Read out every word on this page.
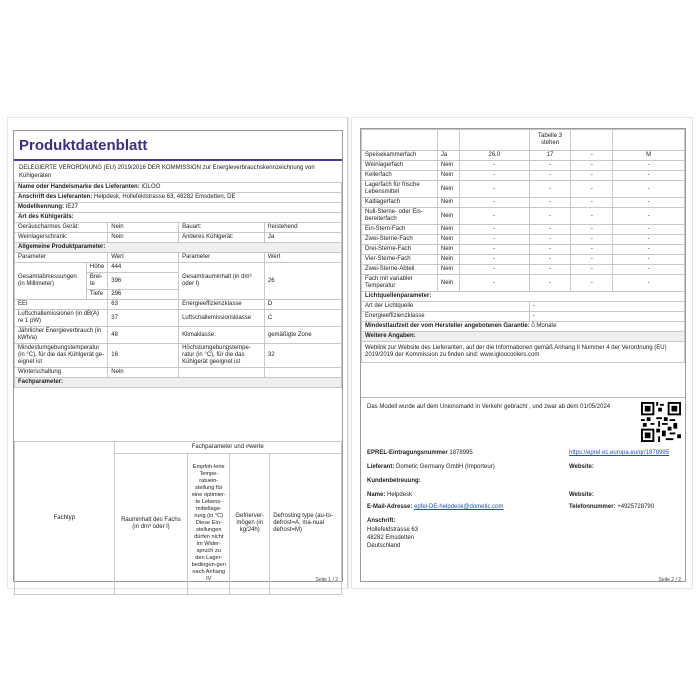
Produktdatenblatt
DELEGIERTE VERORDNUNG (EU) 2019/2016 DER KOMMISSION zur Energieverbrauchskennzeichnung von Kühlgeräten
Name oder Handelsmarke des Lieferanten: IGLOO				
Anschrift des Lieferanten: Helpdesk, Hollefeldstrasse 63, 48282 Emsdetten, DE				
Modellkennung: IE27				
Art des Kühlgeräts:				
Geräuscharmes Gerät:		Nein	Bauart:	freistehend
Weinlagerschrank:		Nein	Anderes Kühlgerät:	Ja
Allgemeine Produktparameter:				
Parameter		Wert	Parameter	Wert
Gesamtabmessungen (in Millimeter)	Höhe	444	Gesamtrauminhalt (in dm³ oder l)	26
	Brei-te	396		
	Tiefe	296		
EEI		63	Energieeffizienzklasse	D
Luftschallemissionen (in dB(A) re 1 pW)		37	Luftschallemissionsklasse	C
Jährlicher Energieverbrauch (in kWh/a)		48	Klimaklasse:	gemäßigte Zone
Mindestumgebungstemperatur (in °C), für die das Kühlgerät ge-eignet ist		16	Höchstumgebungstempe-ratur (in °C), für die das Kühlgerät geeignet ist	32
Winterschaltung		Nein		
Fachparameter:				
Fachtyp	Fachparameter und #werte			
	Rauminhalt des Fachs (in dm³ oder l)	Empfoh-lene Tempe-ratuein-stellung für eine optimier-te Lebens-mittellage-rung (in °C) Diese Ein-stellungen dürfen nicht im Wider-spruch zu den Lager-bedingun-gen nach Anhang IV	Gefrierver-mögen (in kg/24h)	Defrosting type (au-to-defrost=A, ma-nual defrost=M)
Seite 1 / 2
			Tabelle 3 stehen		
Speisekammerfach	Ja	26,0	17	-	M
Weinlagerfach	Nein	-	-	-	-
Kellerfach	Nein	-	-	-	-
Lagerfach für frische Lebensmittel	Nein	-	-	-	-
Kaltlagerfach	Nein	-	-	-	-
Null-Sterne- oder Eis-bereiterfach	Nein	-	-	-	-
Ein-Stern-Fach	Nein	-	-	-	-
Zwei-Sterne-Fach	Nein	-	-	-	-
Drei-Sterne-Fach	Nein	-	-	-	-
Vier-Sterne-Fach	Nein	-	-	-	-
Zwei-Sterne-Abteil	Nein	-	-	-	-
Fach mit variabler Temperatur	Nein	-	-	-	-
Lichtquellenparameter:					
Art der Lichtquelle			-		
Energieeffizienzklasse			-		
Mindestlaufzeit der vom Hersteller angebotenen Garantie: 0 Monate					
Weitere Angaben:					
Weblink zur Website des Lieferanten, auf der die Informationen gemäß Anhang II Nummer 4 der Verordnung (EU) 2019/2019 der Kommission zu finden sind: www.igloocoolers.com					
Das Modell wurde auf dem Unionsmarkt in Verkehr gebracht , und zwar ab dem 01/05/2024
EPREL-Eintragungsnummer 1878995	https://eprel.ec.europa.eu/qr/1878995
Lieferant: Dometic Germany GmbH (Importeur)	Website:
Kundenbetreuung:
Name: Helpdesk	Website:
E-Mail-Adresse: epfel-DE-helpdesk@dometic.com	Telefonnummer: +4925728790
Anschrift:
Hollefeldstrasse 63
48282 Emsdetten
Deutschland
Seite 2 / 2
